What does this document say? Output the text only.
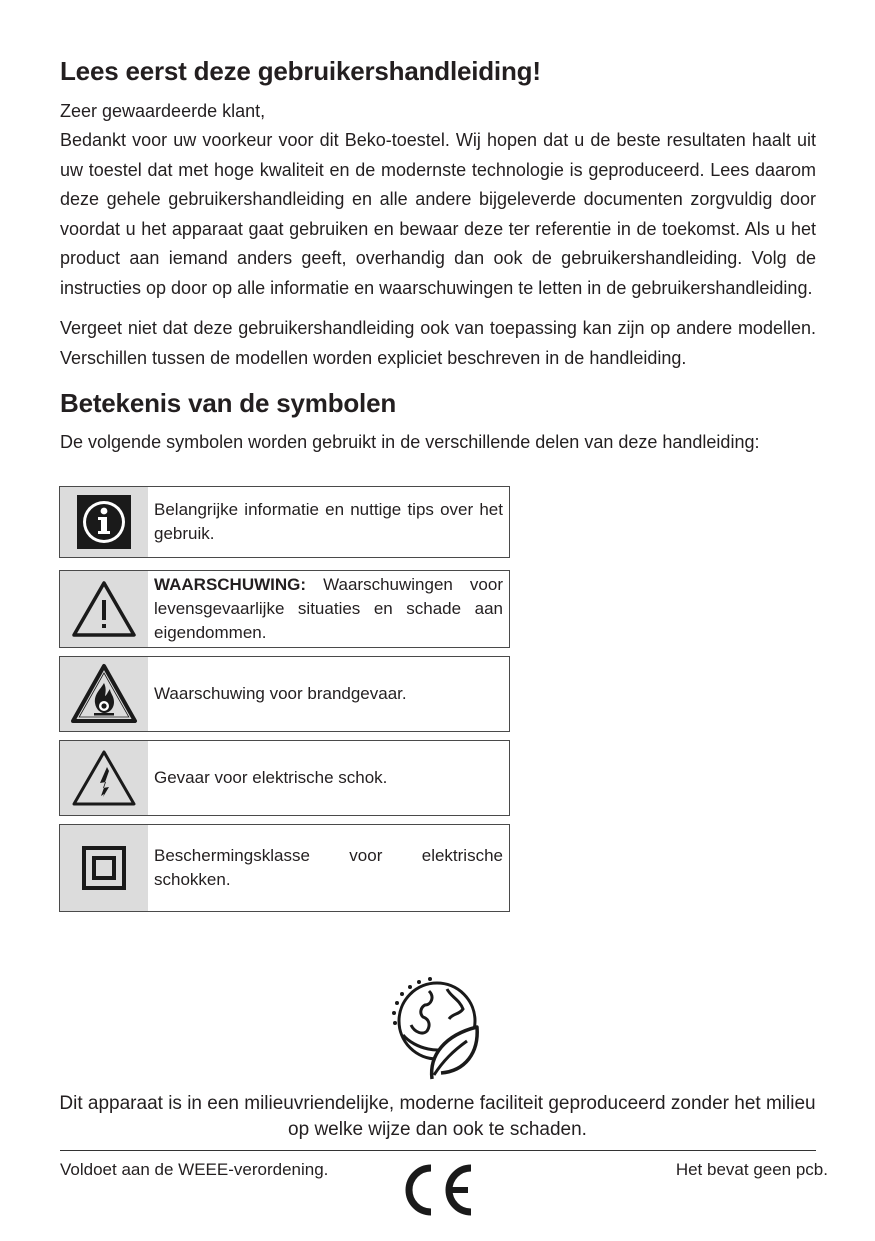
Lees eerst deze gebruikershandleiding!

Zeer gewaardeerde klant,

Bedankt voor uw voorkeur voor dit Beko-toestel. Wij hopen dat u de beste resultaten haalt uit uw toestel dat met hoge kwaliteit en de modernste technologie is geproduceerd. Lees daarom deze gehele gebruikershandleiding en alle andere bijgeleverde documenten zorgvuldig door voordat u het apparaat gaat gebruiken en bewaar deze ter referentie in de toekomst. Als u het product aan iemand anders geeft, overhandig dan ook de gebruikershandleiding. Volg de instructies op door op alle informatie en waarschuwingen te letten in de gebruikershandleiding.

Vergeet niet dat deze gebruikershandleiding ook van toepassing kan zijn op andere modellen. Verschillen tussen de modellen worden expliciet beschreven in de handleiding.

Betekenis van de symbolen

De volgende symbolen worden gebruikt in de verschillende delen van deze handleiding:

Belangrijke informatie en nuttige tips over het gebruik.
WAARSCHUWING: Waarschuwingen voor levensgevaarlijke situaties en schade aan eigendommen.
Waarschuwing voor brandgevaar.
Gevaar voor elektrische schok.
Beschermingsklasse voor elektrische schokken.

Dit apparaat is in een milieuvriendelijke, moderne faciliteit geproduceerd zonder het milieu op welke wijze dan ook te schaden.

Voldoet aan de WEEE-verordening.	Het bevat geen pcb.
